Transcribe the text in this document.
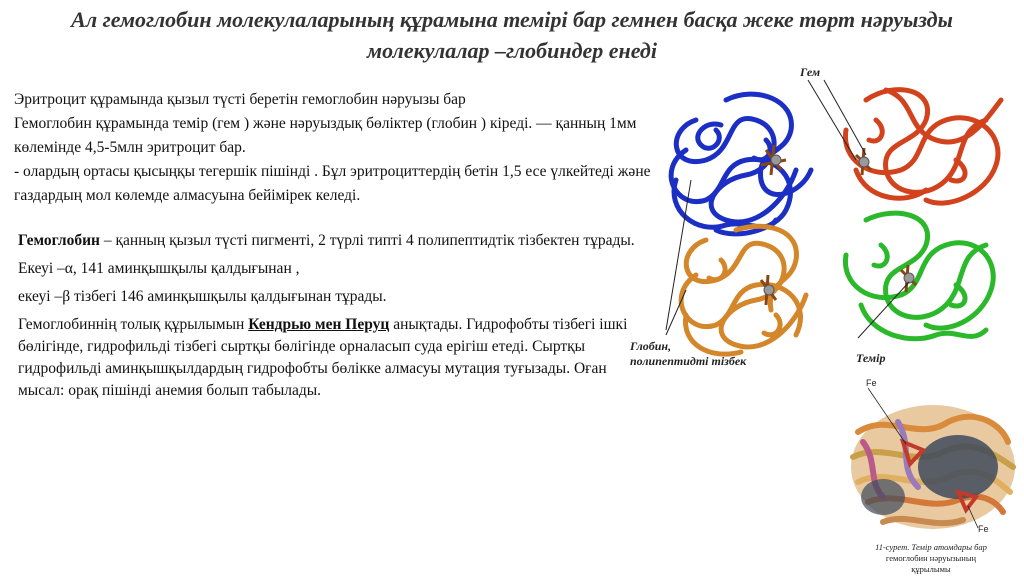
Ал гемоглобин молекулаларының құрамына темірі бар гемнен басқа жеке төрт нәруызды молекулалар –глобиндер енеді
Эритроцит құрамында қызыл түсті беретін гемоглобин нәруызы бар
Гемоглобин құрамында темір (гем ) және нәруыздық бөліктер (глобин ) кіреді. — қанның 1мм көлемінде 4,5-5млн эритроцит бар.
- олардың ортасы қысыңқы тегершік пішінді . Бұл эритроциттердің бетін 1,5 есе үлкейтеді және газдардың мол көлемде алмасуына бейімірек келеді.

Гемоглобин – қанның қызыл түсті пигменті, 2 түрлі типті 4 полипептидтік тізбектен тұрады.

Екеуі –α, 141 аминқышқылы қалдығынан ,

екеуі –β тізбегі 146 аминқышқылы қалдығынан тұрады.

Гемоглобиннің толық құрылымын Кендрью мен Перуц анықтады. Гидрофобты тізбегі ішкі бөлігінде, гидрофильді тізбегі сыртқы бөлігінде орналасып суда ерігіш етеді. Сыртқы гидрофильді аминқышқылдардың гидрофобты бөлікке алмасуы мутация туғызады. Оған мысал: орақ пішінді анемия болып табылады.

Гем
Глобин,
полипептидті тізбек	Темір
Fe
Fe
11-сурет. Темір атомдары бар
гемоглобин нәруызының
құрылымы
